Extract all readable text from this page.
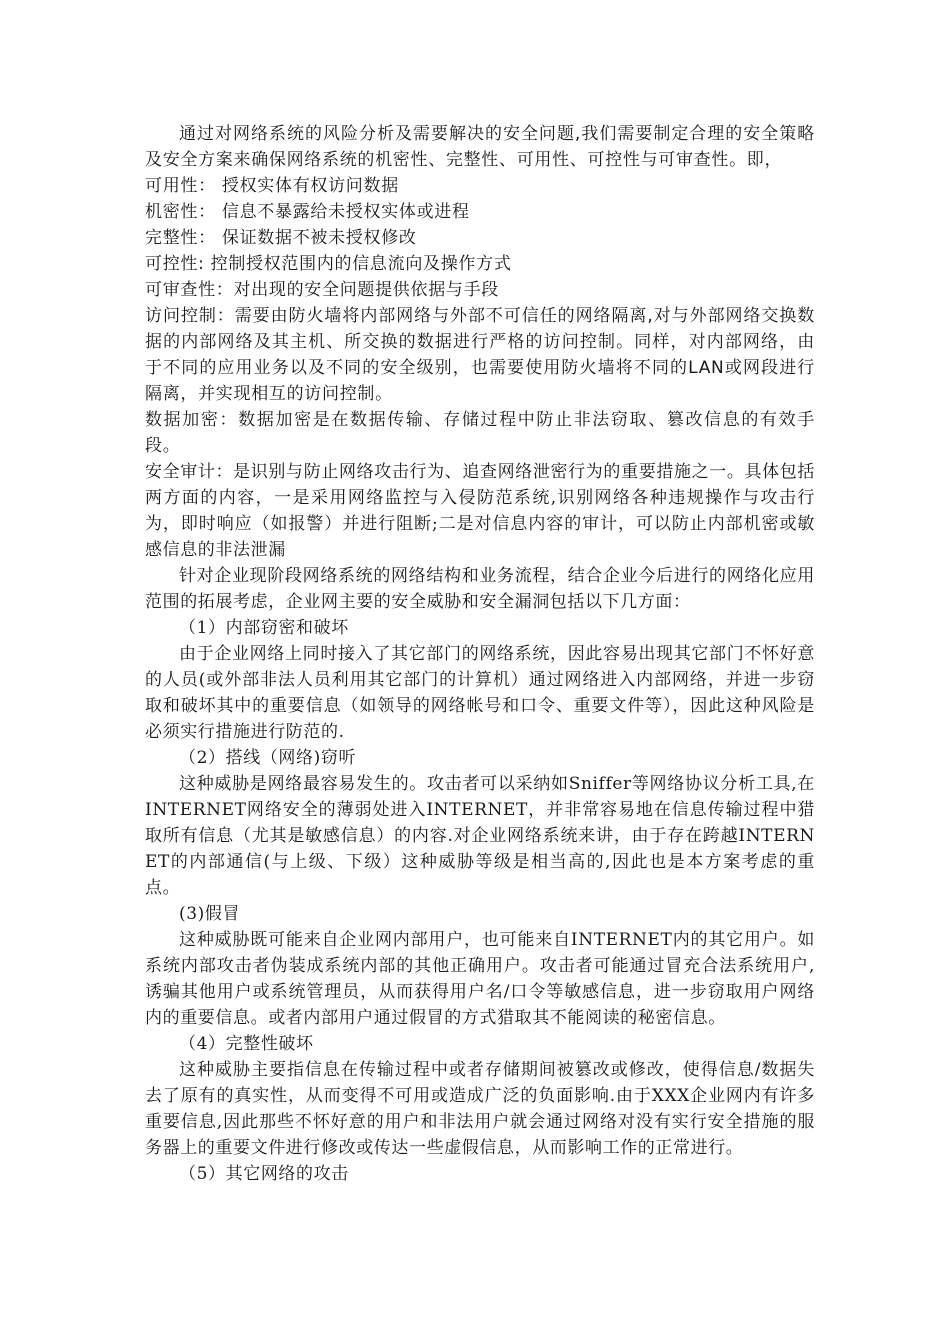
通过对网络系统的风险分析及需要解决的安全问题,我们需要制定合理的安全策略及安全方案来确保网络系统的机密性、完整性、可用性、可控性与可审查性。即，

可用性： 授权实体有权访问数据

机密性： 信息不暴露给未授权实体或进程

完整性： 保证数据不被未授权修改

可控性: 控制授权范围内的信息流向及操作方式

可审查性：对出现的安全问题提供依据与手段

访问控制：需要由防火墙将内部网络与外部不可信任的网络隔离,对与外部网络交换数据的内部网络及其主机、所交换的数据进行严格的访问控制。同样，对内部网络，由于不同的应用业务以及不同的安全级别，也需要使用防火墙将不同的LAN或网段进行隔离，并实现相互的访问控制。

数据加密：数据加密是在数据传输、存储过程中防止非法窃取、篡改信息的有效手段。

安全审计：是识别与防止网络攻击行为、追查网络泄密行为的重要措施之一。具体包括两方面的内容，一是采用网络监控与入侵防范系统,识别网络各种违规操作与攻击行为，即时响应（如报警）并进行阻断;二是对信息内容的审计，可以防止内部机密或敏感信息的非法泄漏

针对企业现阶段网络系统的网络结构和业务流程，结合企业今后进行的网络化应用范围的拓展考虑，企业网主要的安全威胁和安全漏洞包括以下几方面：

（1）内部窃密和破坏

由于企业网络上同时接入了其它部门的网络系统，因此容易出现其它部门不怀好意的人员(或外部非法人员利用其它部门的计算机）通过网络进入内部网络，并进一步窃取和破坏其中的重要信息（如领导的网络帐号和口令、重要文件等），因此这种风险是必须实行措施进行防范的.

（2）搭线（网络)窃听

这种威胁是网络最容易发生的。攻击者可以采纳如Sniffer等网络协议分析工具,在INTERNET网络安全的薄弱处进入INTERNET，并非常容易地在信息传输过程中猎取所有信息（尤其是敏感信息）的内容.对企业网络系统来讲，由于存在跨越INTERNET的内部通信(与上级、下级）这种威胁等级是相当高的,因此也是本方案考虑的重点。

(3)假冒

这种威胁既可能来自企业网内部用户，也可能来自INTERNET内的其它用户。如系统内部攻击者伪装成系统内部的其他正确用户。攻击者可能通过冒充合法系统用户,诱骗其他用户或系统管理员，从而获得用户名/口令等敏感信息，进一步窃取用户网络内的重要信息。或者内部用户通过假冒的方式猎取其不能阅读的秘密信息。

（4）完整性破坏

这种威胁主要指信息在传输过程中或者存储期间被篡改或修改，使得信息/数据失去了原有的真实性，从而变得不可用或造成广泛的负面影响.由于XXX企业网内有许多重要信息,因此那些不怀好意的用户和非法用户就会通过网络对没有实行安全措施的服务器上的重要文件进行修改或传达一些虚假信息，从而影响工作的正常进行。

（5）其它网络的攻击
